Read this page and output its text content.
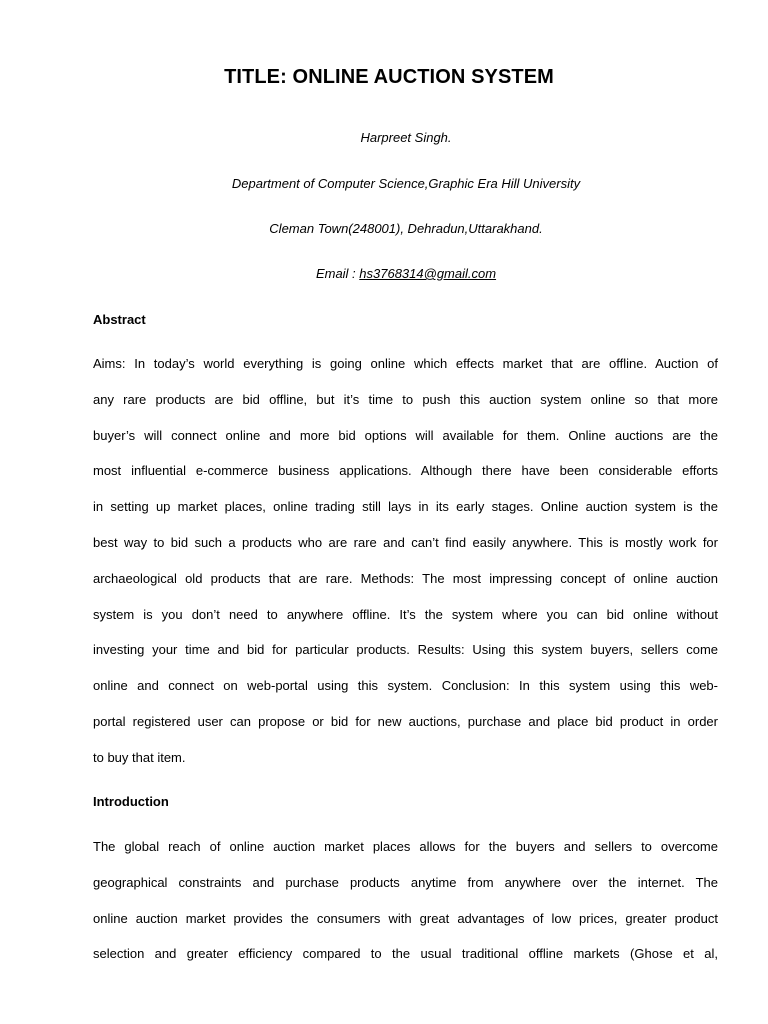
TITLE: ONLINE AUCTION SYSTEM
Harpreet Singh.
Department of Computer Science,Graphic Era Hill University
Cleman Town(248001), Dehradun,Uttarakhand.
Email : hs3768314@gmail.com
Abstract
Aims: In today’s world everything is going online which effects market that are offline. Auction of
any rare products are bid offline, but it’s time to push this auction system online so that more
buyer’s will connect online and more bid options will available for them. Online auctions are the
most influential e-commerce business applications. Although there have been considerable efforts
in setting up market places, online trading still lays in its early stages. Online auction system is the
best way to bid such a products who are rare and can’t find easily anywhere. This is mostly work for
archaeological old products that are rare. Methods: The most impressing concept of online auction
system is you don’t need to anywhere offline. It’s the system where you can bid online without
investing your time and bid for particular products. Results: Using this system buyers, sellers come
online and connect on web-portal using this system. Conclusion: In this system using this web-
portal registered user can propose or bid for new auctions, purchase and place bid product in order
to buy that item.
Introduction
The global reach of online auction market places allows for the buyers and sellers to overcome
geographical constraints and purchase products anytime from anywhere over the internet. The
online auction market provides the consumers with great advantages of low prices, greater product
selection and greater efficiency compared to the usual traditional offline markets (Ghose et al,
